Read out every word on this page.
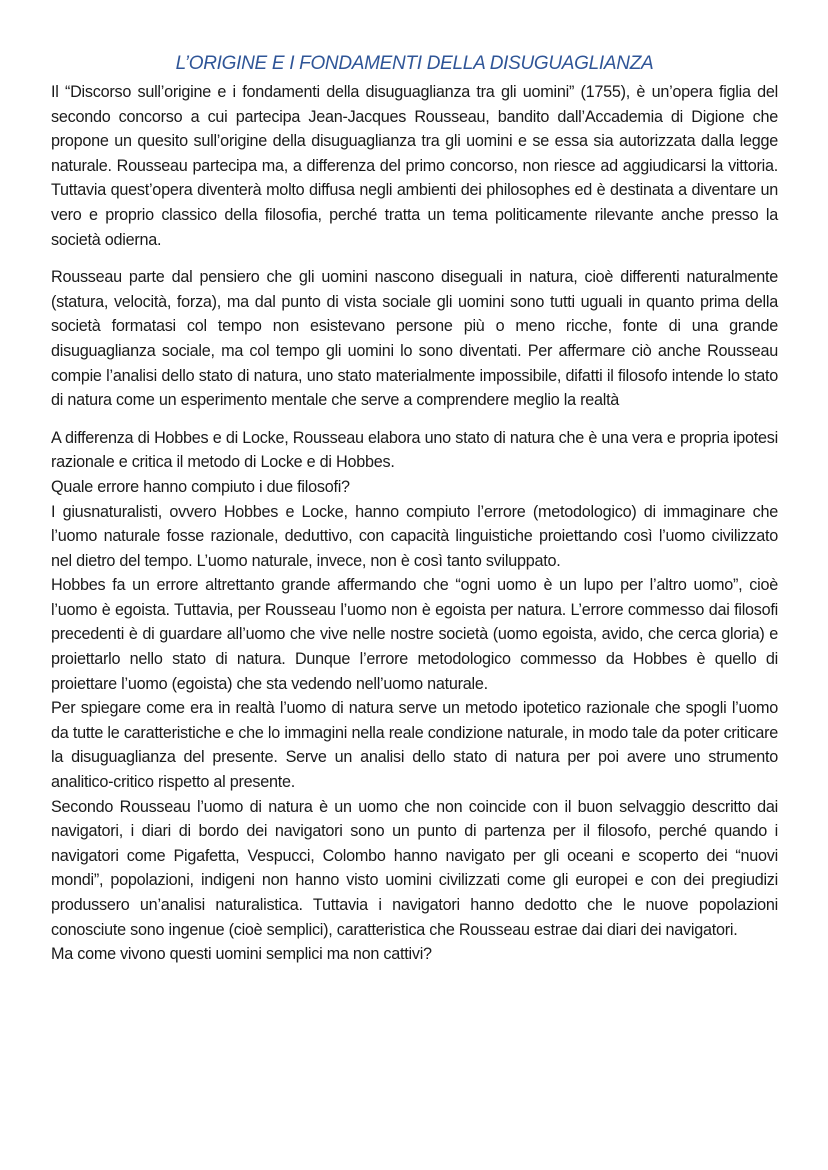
L’ORIGINE E I FONDAMENTI DELLA DISUGUAGLIANZA

Il “Discorso sull’origine e i fondamenti della disuguaglianza tra gli uomini” (1755), è un’opera figlia del secondo concorso a cui partecipa Jean-Jacques Rousseau, bandito dall’Accademia di Digione che propone un quesito sull’origine della disuguaglianza tra gli uomini e se essa sia autorizzata dalla legge naturale. Rousseau partecipa ma, a differenza del primo concorso, non riesce ad aggiudicarsi la vittoria. Tuttavia quest’opera diventerà molto diffusa negli ambienti dei philosophes ed è destinata a diventare un vero e proprio classico della filosofia, perché tratta un tema politicamente rilevante anche presso la società odierna.

Rousseau parte dal pensiero che gli uomini nascono diseguali in natura, cioè differenti naturalmente (statura, velocità, forza), ma dal punto di vista sociale gli uomini sono tutti uguali in quanto prima della società formatasi col tempo non esistevano persone più o meno ricche, fonte di una grande disuguaglianza sociale, ma col tempo gli uomini lo sono diventati. Per affermare ciò anche Rousseau compie l’analisi dello stato di natura, uno stato materialmente impossibile, difatti il filosofo intende lo stato di natura come un esperimento mentale che serve a comprendere meglio la realtà

A differenza di Hobbes e di Locke, Rousseau elabora uno stato di natura che è una vera e propria ipotesi razionale e critica il metodo di Locke e di Hobbes.
Quale errore hanno compiuto i due filosofi?
I giusnaturalisti, ovvero Hobbes e Locke, hanno compiuto l’errore (metodologico) di immaginare che l’uomo naturale fosse razionale, deduttivo, con capacità linguistiche proiettando così l’uomo civilizzato nel dietro del tempo. L’uomo naturale, invece, non è così tanto sviluppato.
Hobbes fa un errore altrettanto grande affermando che “ogni uomo è un lupo per l’altro uomo”, cioè l’uomo è egoista. Tuttavia, per Rousseau l’uomo non è egoista per natura. L’errore commesso dai filosofi precedenti è di guardare all’uomo che vive nelle nostre società (uomo egoista, avido, che cerca gloria) e proiettarlo nello stato di natura. Dunque l’errore metodologico commesso da Hobbes è quello di proiettare l’uomo (egoista) che sta vedendo nell’uomo naturale.
Per spiegare come era in realtà l’uomo di natura serve un metodo ipotetico razionale che spogli l’uomo da tutte le caratteristiche e che lo immagini nella reale condizione naturale, in modo tale da poter criticare la disuguaglianza del presente. Serve un analisi dello stato di natura per poi avere uno strumento analitico-critico rispetto al presente.
Secondo Rousseau l’uomo di natura è un uomo che non coincide con il buon selvaggio descritto dai navigatori, i diari di bordo dei navigatori sono un punto di partenza per il filosofo, perché quando i navigatori come Pigafetta, Vespucci, Colombo hanno navigato per gli oceani e scoperto dei “nuovi mondi”, popolazioni, indigeni non hanno visto uomini civilizzati come gli europei e con dei pregiudizi produssero un’analisi naturalistica. Tuttavia i navigatori hanno dedotto che le nuove popolazioni conosciute sono ingenue (cioè semplici), caratteristica che Rousseau estrae dai diari dei navigatori.
Ma come vivono questi uomini semplici ma non cattivi?
